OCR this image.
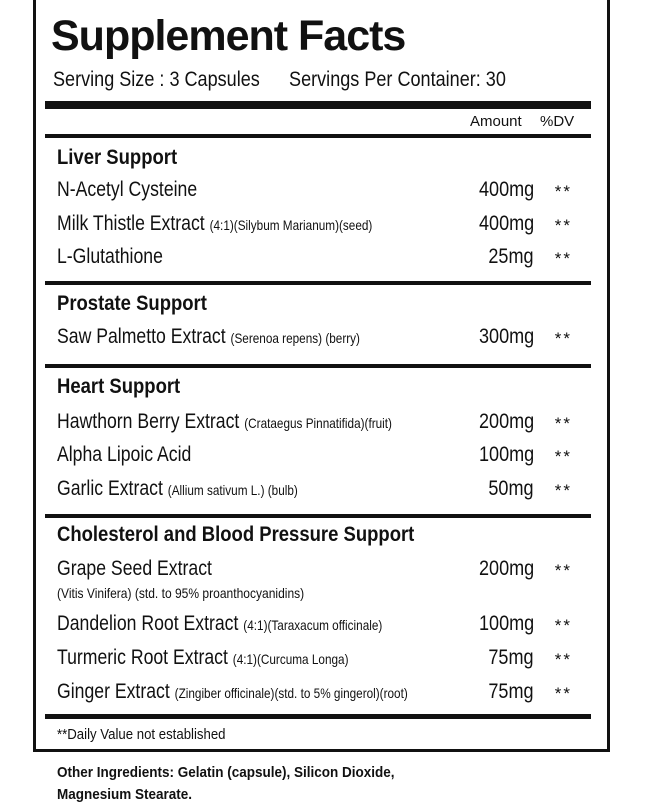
Supplement Facts
Serving Size : 3 Capsules Servings Per Container: 30
Amount %DV
Liver Support
N-Acetyl Cysteine	400mg **
Milk Thistle Extract (4:1)(Silybum Marianum)(seed)	400mg **
L-Glutathione	25mg **
Prostate Support
Saw Palmetto Extract (Serenoa repens) (berry)	300mg **
Heart Support
Hawthorn Berry Extract (Crataegus Pinnatifida)(fruit)	200mg **
Alpha Lipoic Acid	100mg **
Garlic Extract (Allium sativum L.) (bulb)	50mg **
Cholesterol and Blood Pressure Support
Grape Seed Extract	200mg **
(Vitis Vinifera) (std. to 95% proanthocyanidins)
Dandelion Root Extract (4:1)(Taraxacum officinale)	100mg **
Turmeric Root Extract (4:1)(Curcuma Longa)	75mg **
Ginger Extract (Zingiber officinale)(std. to 5% gingerol)(root)	75mg **
**Daily Value not established
Other Ingredients: Gelatin (capsule), Silicon Dioxide,
Magnesium Stearate.
